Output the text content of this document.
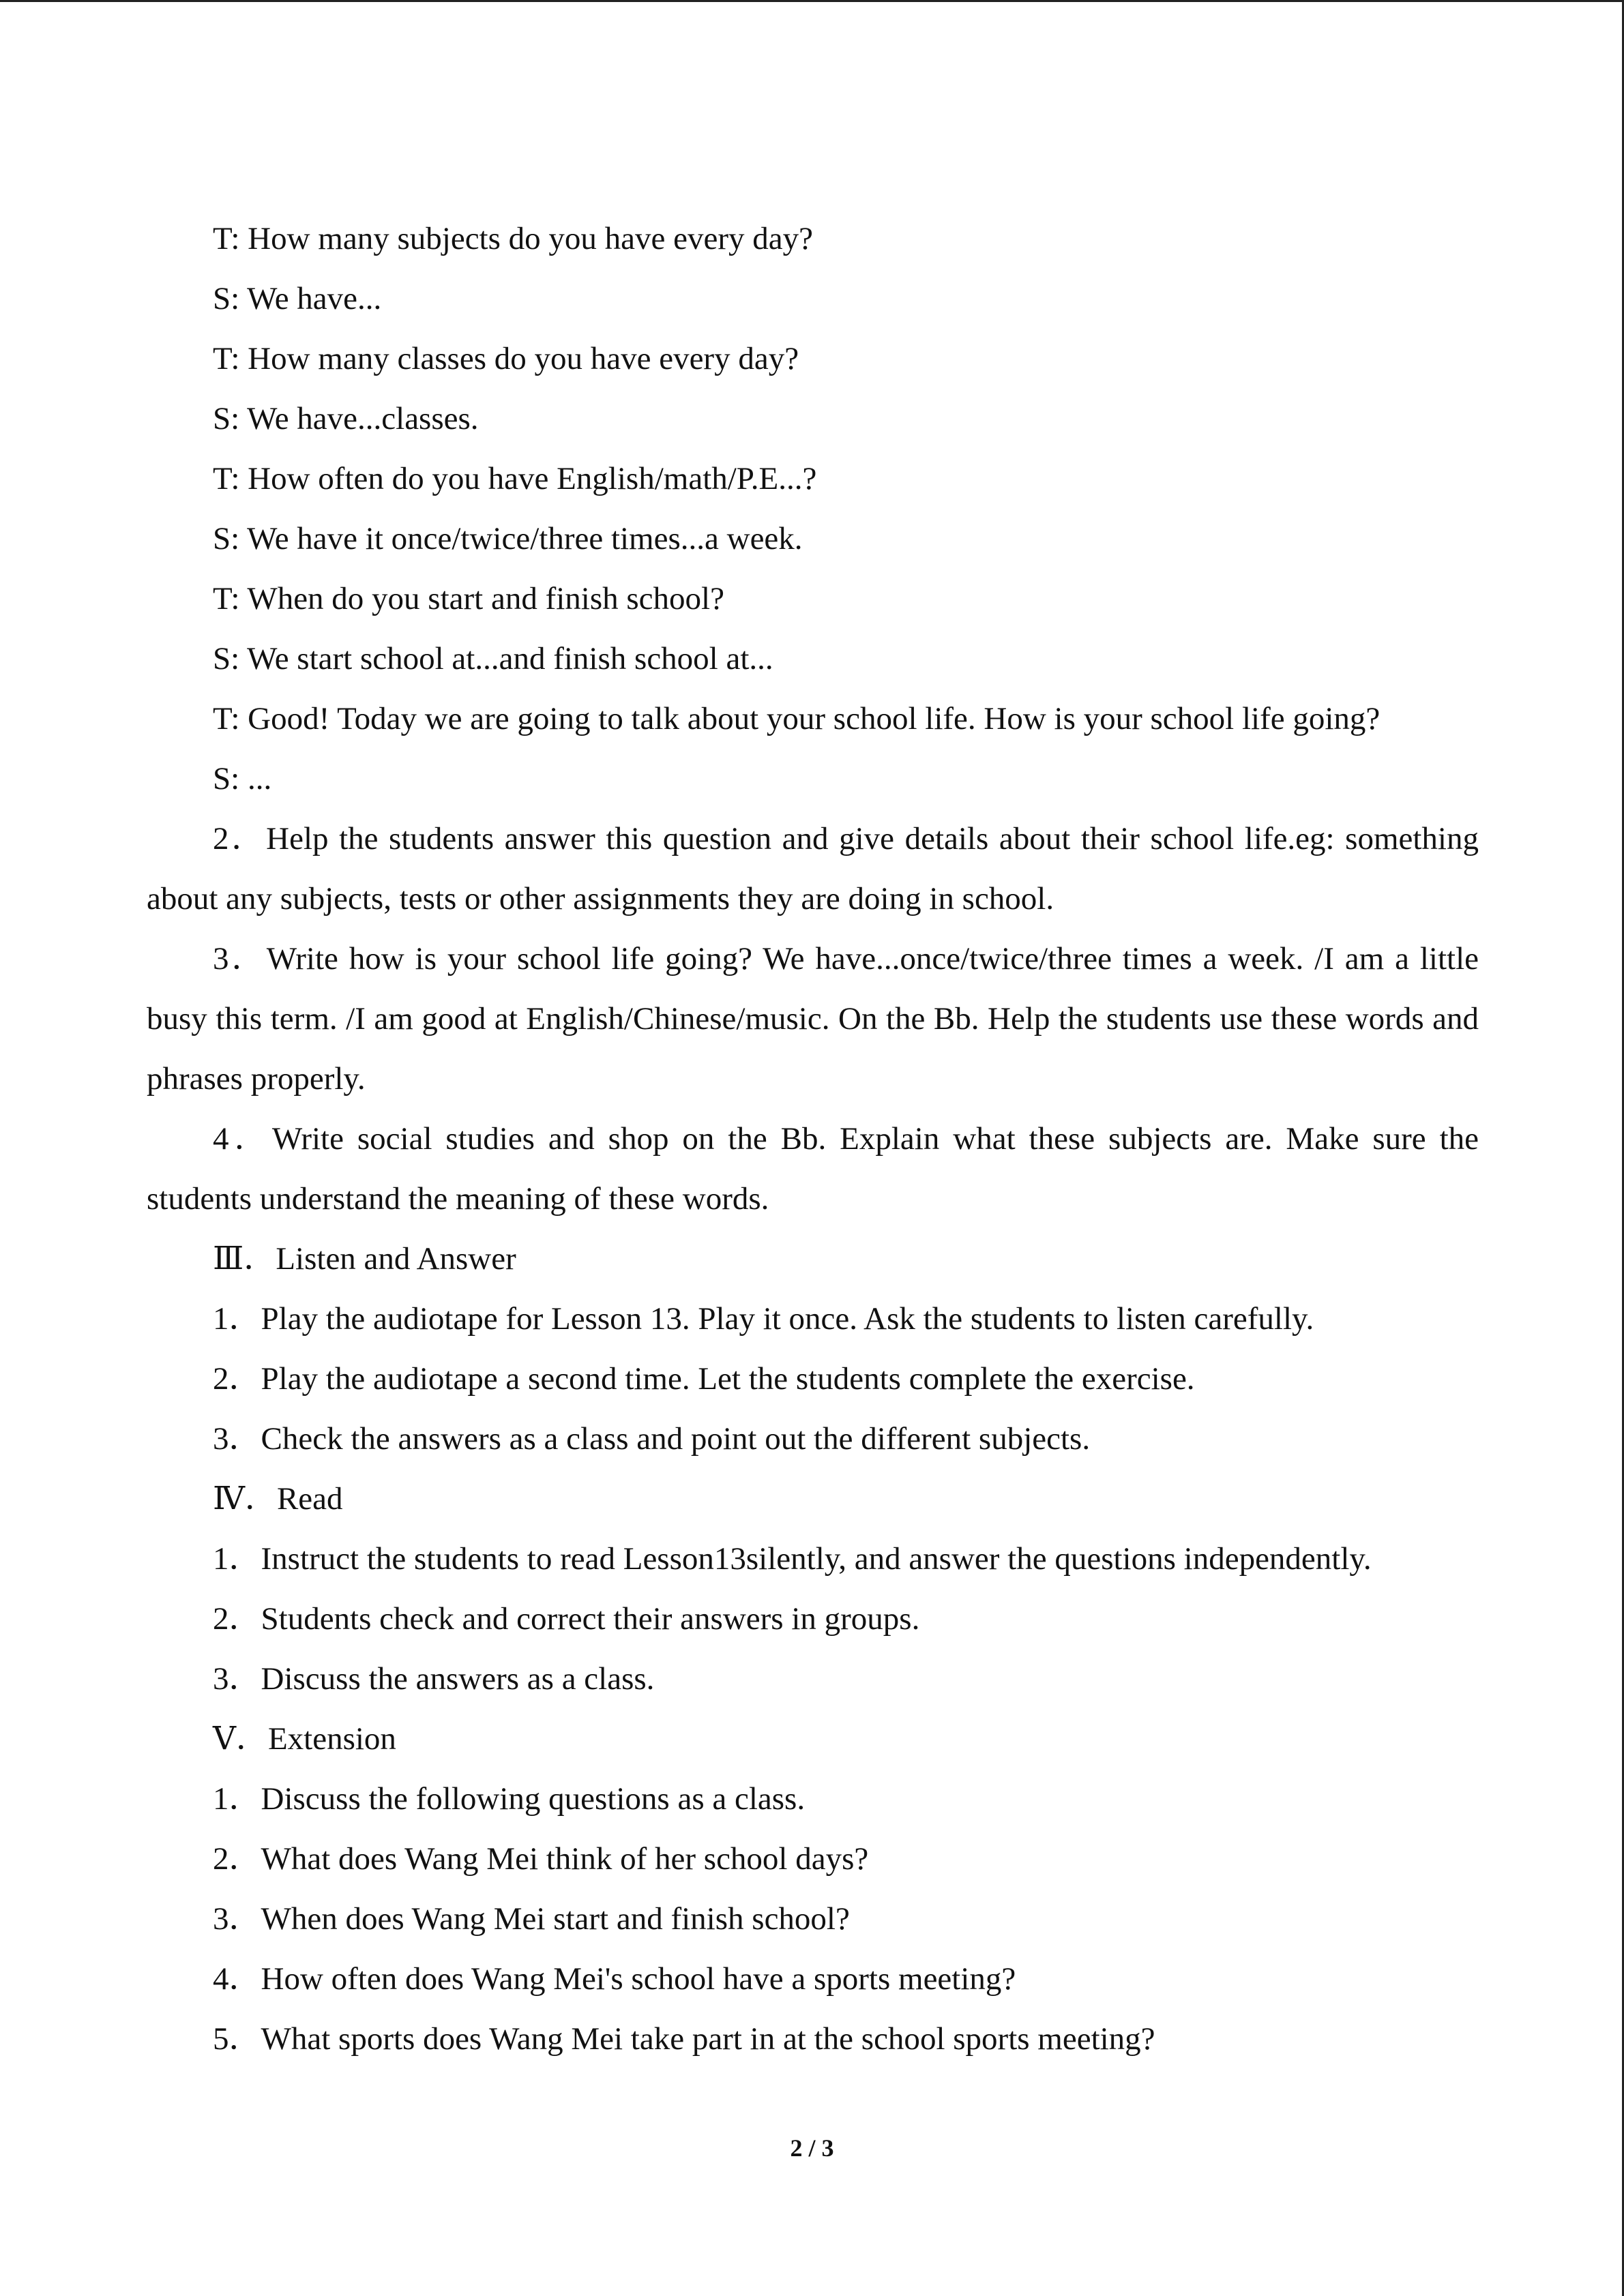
T: How many subjects do you have every day?
S: We have...
T: How many classes do you have every day?
S: We have...classes.
T: How often do you have English/math/P.E...?
S: We have it once/twice/three times...a week.
T: When do you start and finish school?
S: We start school at...and finish school at...
T: Good! Today we are going to talk about your school life. How is your school life going?
S: ...
2．Help the students answer this question and give details about their school life.eg: something about any subjects, tests or other assignments they are doing in school.
3．Write how is your school life going? We have...once/twice/three times a week. /I am a little busy this term. /I am good at English/Chinese/music. On the Bb. Help the students use these words and phrases properly.
4．Write social studies and shop on the Bb. Explain what these subjects are. Make sure the students understand the meaning of these words.
Ⅲ．Listen and Answer
1．Play the audiotape for Lesson 13. Play it once. Ask the students to listen carefully.
2．Play the audiotape a second time. Let the students complete the exercise.
3．Check the answers as a class and point out the different subjects.
Ⅳ．Read
1．Instruct the students to read Lesson13silently, and answer the questions independently.
2．Students check and correct their answers in groups.
3．Discuss the answers as a class.
Ⅴ．Extension
1．Discuss the following questions as a class.
2．What does Wang Mei think of her school days?
3．When does Wang Mei start and finish school?
4．How often does Wang Mei's school have a sports meeting?
5．What sports does Wang Mei take part in at the school sports meeting?
2 / 3
